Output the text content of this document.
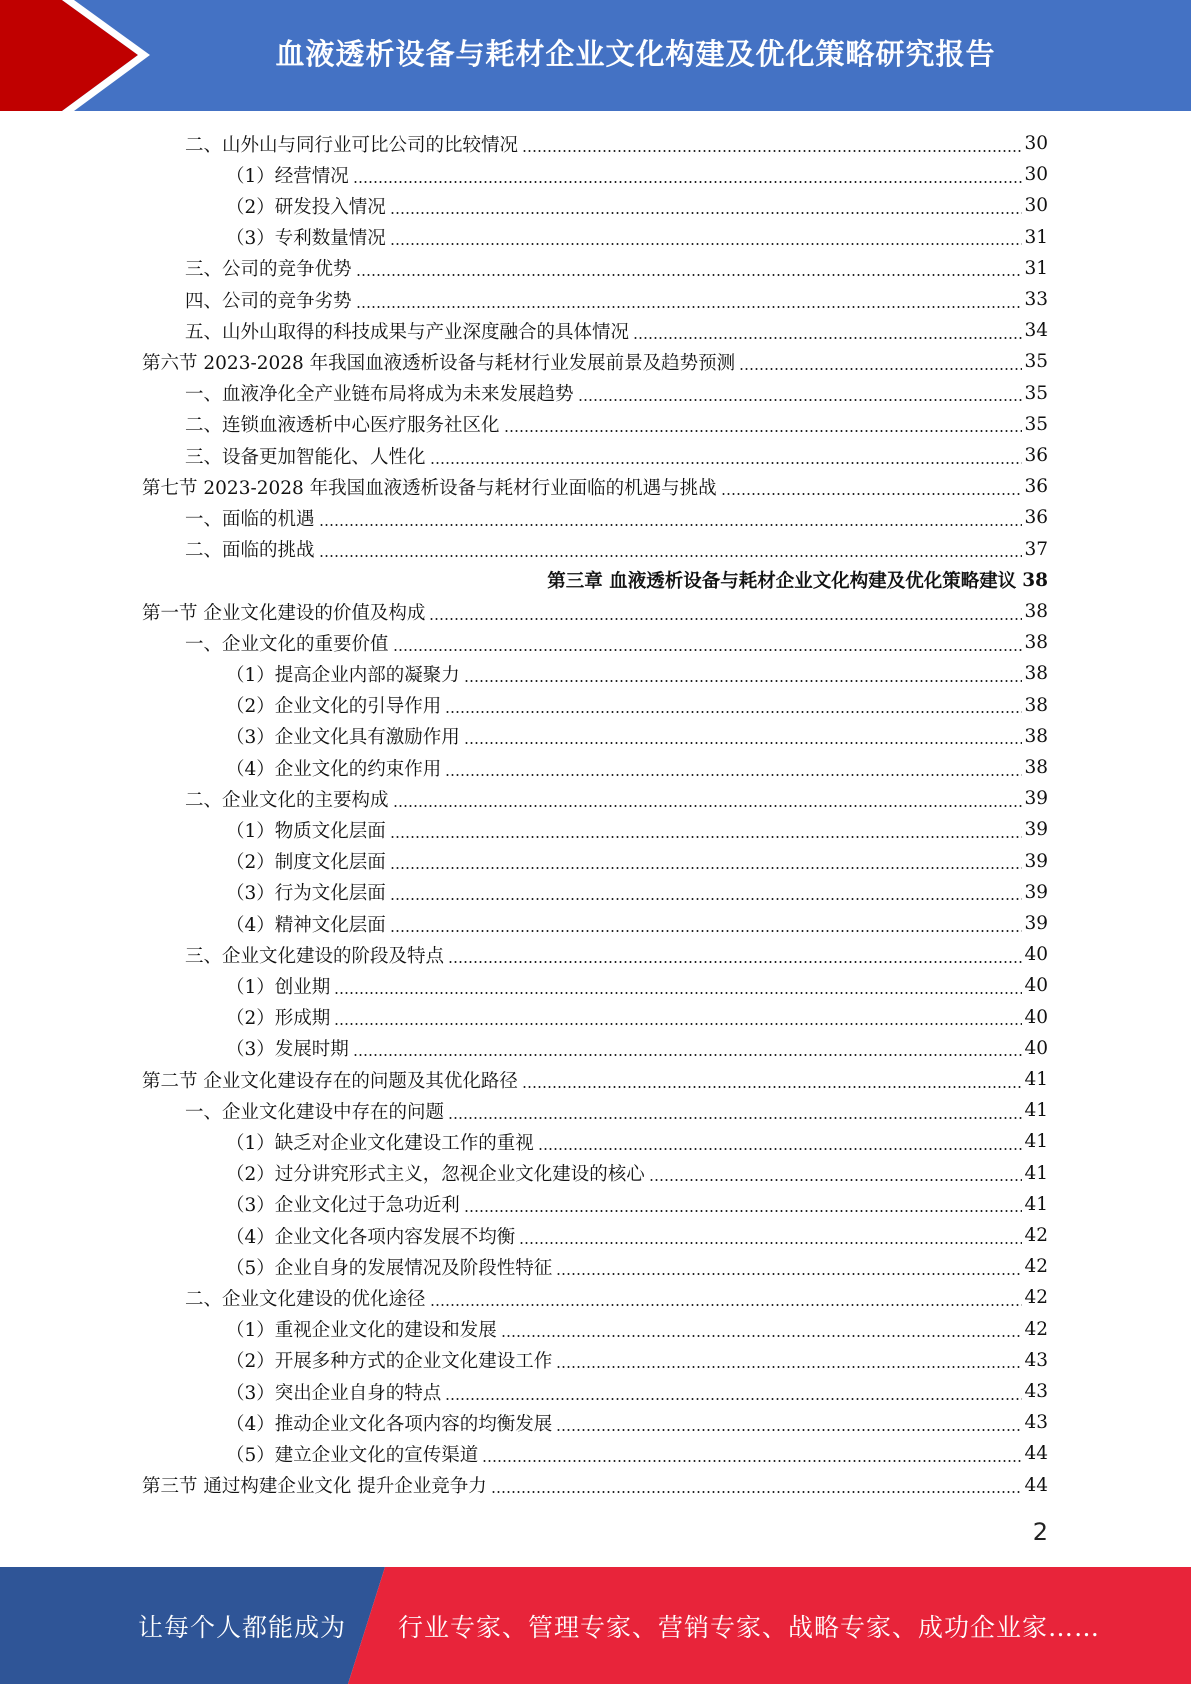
血液透析设备与耗材企业文化构建及优化策略研究报告
二、山外山与同行业可比公司的比较情况	30
（1）经营情况	30
（2）研发投入情况	30
（3）专利数量情况	31
三、公司的竞争优势	31
四、公司的竞争劣势	33
五、山外山取得的科技成果与产业深度融合的具体情况	34
第六节 2023-2028 年我国血液透析设备与耗材行业发展前景及趋势预测	35
一、血液净化全产业链布局将成为未来发展趋势	35
二、连锁血液透析中心医疗服务社区化	35
三、设备更加智能化、人性化	36
第七节 2023-2028 年我国血液透析设备与耗材行业面临的机遇与挑战	36
一、面临的机遇	36
二、面临的挑战	37
第三章 血液透析设备与耗材企业文化构建及优化策略建议 38
第一节 企业文化建设的价值及构成	38
一、企业文化的重要价值	38
（1）提高企业内部的凝聚力	38
（2）企业文化的引导作用	38
（3）企业文化具有激励作用	38
（4）企业文化的约束作用	38
二、企业文化的主要构成	39
（1）物质文化层面	39
（2）制度文化层面	39
（3）行为文化层面	39
（4）精神文化层面	39
三、企业文化建设的阶段及特点	40
（1）创业期	40
（2）形成期	40
（3）发展时期	40
第二节 企业文化建设存在的问题及其优化路径	41
一、企业文化建设中存在的问题	41
（1）缺乏对企业文化建设工作的重视	41
（2）过分讲究形式主义，忽视企业文化建设的核心	41
（3）企业文化过于急功近利	41
（4）企业文化各项内容发展不均衡	42
（5）企业自身的发展情况及阶段性特征	42
二、企业文化建设的优化途径	42
（1）重视企业文化的建设和发展	42
（2）开展多种方式的企业文化建设工作	43
（3）突出企业自身的特点	43
（4）推动企业文化各项内容的均衡发展	43
（5）建立企业文化的宣传渠道	44
第三节 通过构建企业文化 提升企业竞争力	44
2
让每个人都能成为 行业专家、管理专家、营销专家、战略专家、成功企业家……
